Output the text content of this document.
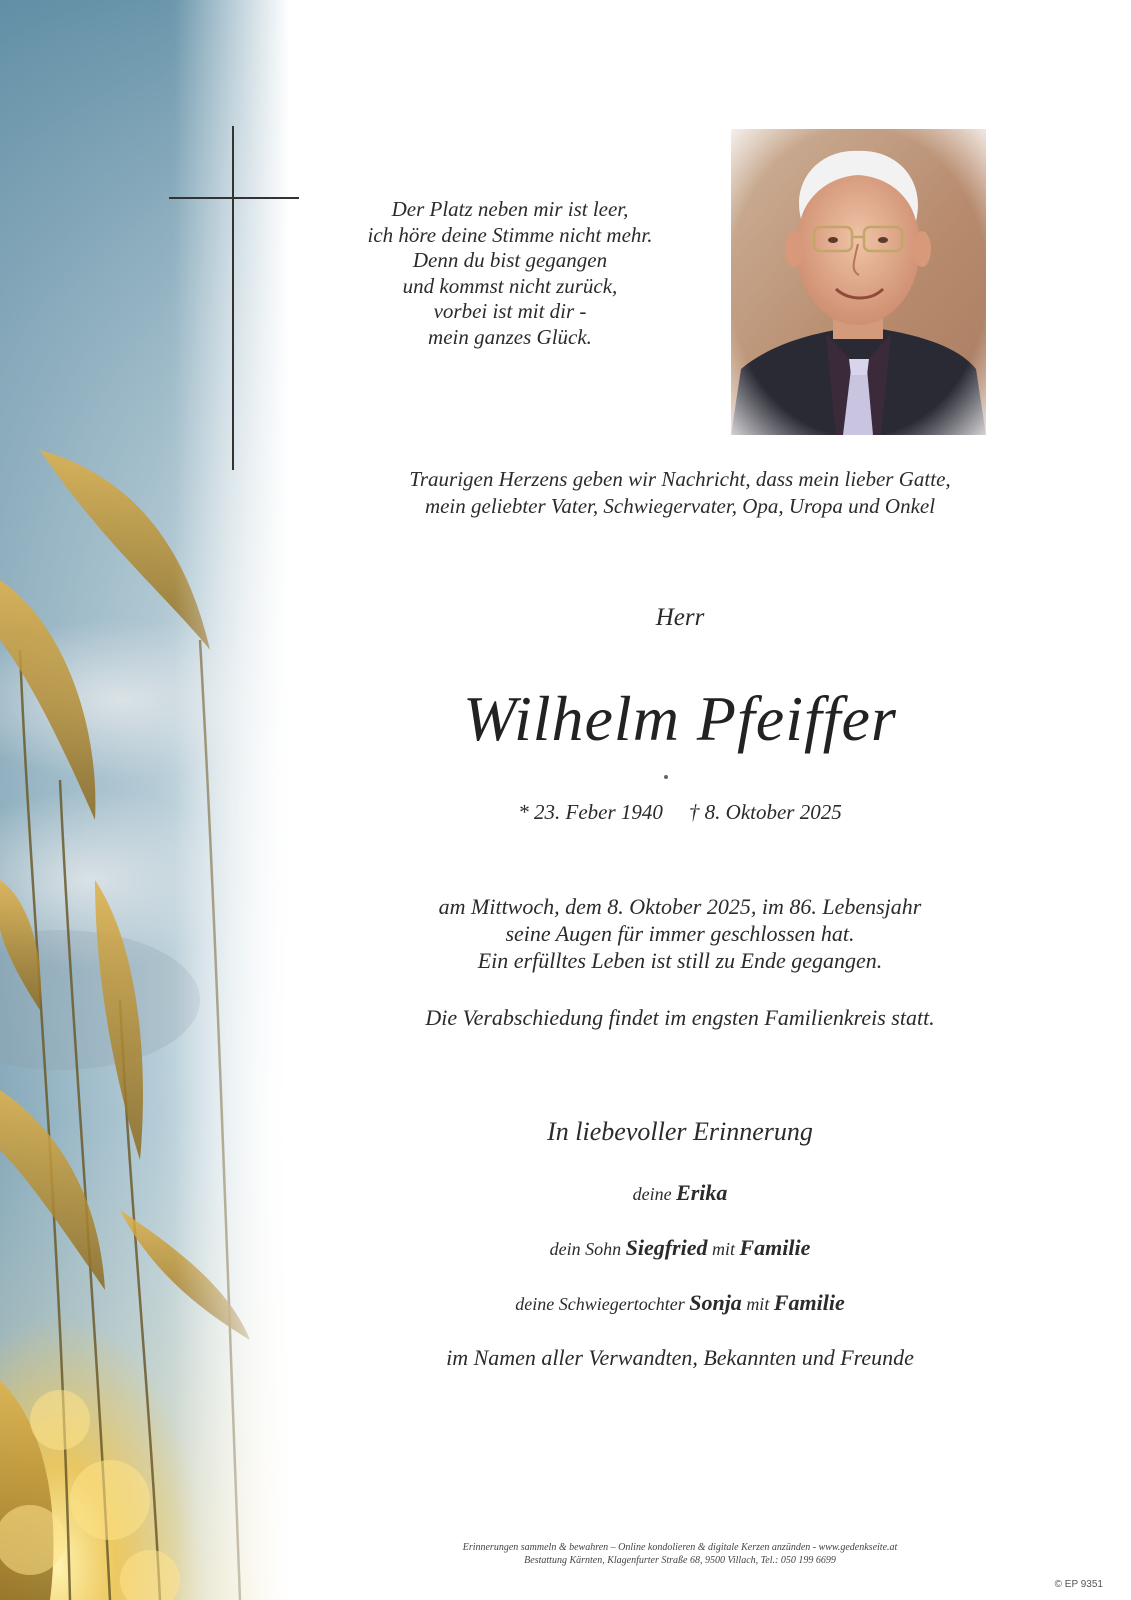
Der Platz neben mir ist leer,
ich höre deine Stimme nicht mehr.
Denn du bist gegangen
und kommst nicht zurück,
vorbei ist mit dir -
mein ganzes Glück.
Traurigen Herzens geben wir Nachricht, dass mein lieber Gatte,
mein geliebter Vater, Schwiegervater, Opa, Uropa und Onkel
Herr
Wilhelm Pfeiffer
* 23. Feber 1940 † 8. Oktober 2025
am Mittwoch, dem 8. Oktober 2025, im 86. Lebensjahr
seine Augen für immer geschlossen hat.
Ein erfülltes Leben ist still zu Ende gegangen.
Die Verabschiedung findet im engsten Familienkreis statt.
In liebevoller Erinnerung
deine Erika
dein Sohn Siegfried mit Familie
deine Schwiegertochter Sonja mit Familie
im Namen aller Verwandten, Bekannten und Freunde
Erinnerungen sammeln & bewahren – Online kondolieren & digitale Kerzen anzünden - www.gedenkseite.at
Bestattung Kärnten, Klagenfurter Straße 68, 9500 Villach, Tel.: 050 199 6699
© EP 9351
